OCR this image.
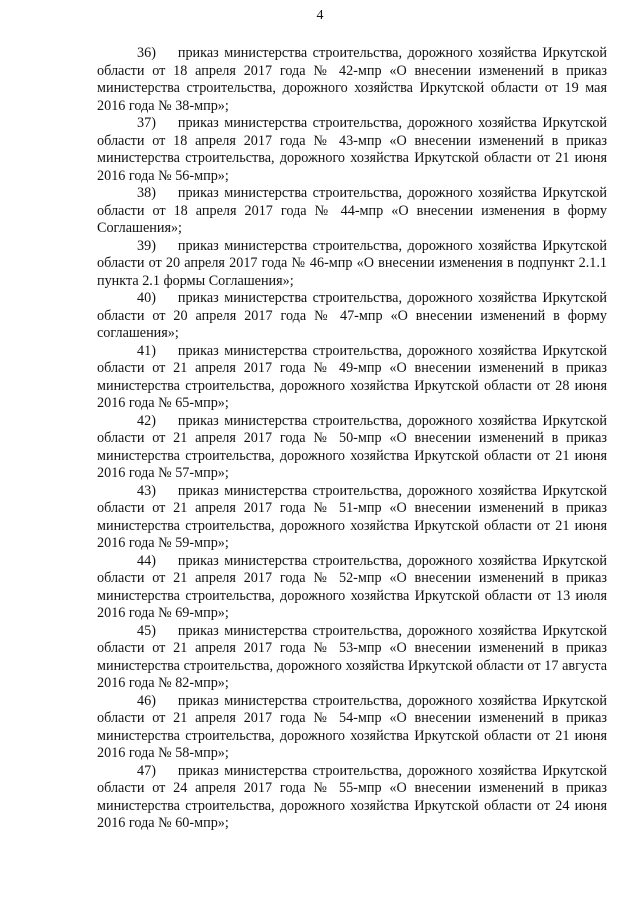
4

36)    приказ министерства строительства, дорожного хозяйства Иркутской области от 18 апреля 2017 года № 42-мпр «О внесении изменений в приказ министерства строительства, дорожного хозяйства Иркутской области от 19 мая 2016 года № 38-мпр»;

37)    приказ министерства строительства, дорожного хозяйства Иркутской области от 18 апреля 2017 года № 43-мпр «О внесении изменений в приказ министерства строительства, дорожного хозяйства Иркутской области от 21 июня 2016 года № 56-мпр»;

38)    приказ министерства строительства, дорожного хозяйства Иркутской области от 18 апреля 2017 года № 44-мпр «О внесении изменения в форму Соглашения»;

39)    приказ министерства строительства, дорожного хозяйства Иркутской области от 20 апреля 2017 года № 46-мпр «О внесении изменения в подпункт 2.1.1 пункта 2.1 формы Соглашения»;

40)    приказ министерства строительства, дорожного хозяйства Иркутской области от 20 апреля 2017 года № 47-мпр «О внесении изменений в форму соглашения»;

41)    приказ министерства строительства, дорожного хозяйства Иркутской области от 21 апреля 2017 года № 49-мпр «О внесении изменений в приказ министерства строительства, дорожного хозяйства Иркутской области от 28 июня 2016 года № 65-мпр»;

42)    приказ министерства строительства, дорожного хозяйства Иркутской области от 21 апреля 2017 года № 50-мпр «О внесении изменений в приказ министерства строительства, дорожного хозяйства Иркутской области от 21 июня 2016 года № 57-мпр»;

43)    приказ министерства строительства, дорожного хозяйства Иркутской области от 21 апреля 2017 года № 51-мпр «О внесении изменений в приказ министерства строительства, дорожного хозяйства Иркутской области от 21 июня 2016 года № 59-мпр»;

44)    приказ министерства строительства, дорожного хозяйства Иркутской области от 21 апреля 2017 года № 52-мпр «О внесении изменений в приказ министерства строительства, дорожного хозяйства Иркутской области от 13 июля 2016 года № 69-мпр»;

45)    приказ министерства строительства, дорожного хозяйства Иркутской области от 21 апреля 2017 года № 53-мпр «О внесении изменений в приказ министерства строительства, дорожного хозяйства Иркутской области от 17 августа 2016 года № 82-мпр»;

46)    приказ министерства строительства, дорожного хозяйства Иркутской области от 21 апреля 2017 года № 54-мпр «О внесении изменений в приказ министерства строительства, дорожного хозяйства Иркутской области от 21 июня 2016 года № 58-мпр»;

47)    приказ министерства строительства, дорожного хозяйства Иркутской области от 24 апреля 2017 года № 55-мпр «О внесении изменений в приказ министерства строительства, дорожного хозяйства Иркутской области от 24 июня 2016 года № 60-мпр»;
